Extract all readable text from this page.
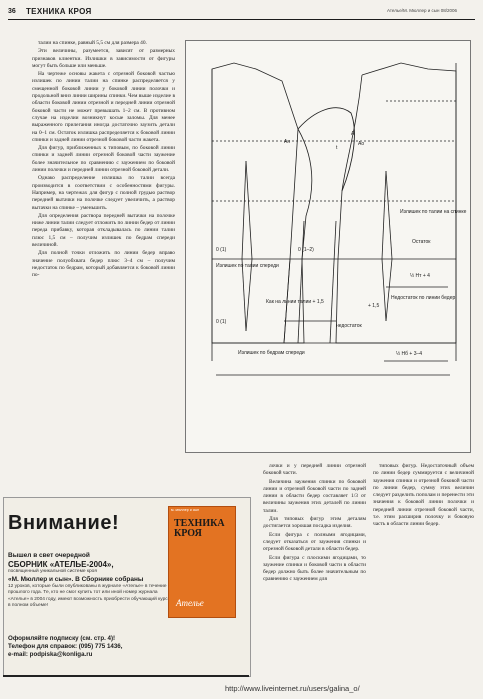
36 ТЕХНИКА КРОЯ	Ателье/М. Мюллер и сын 08/2006

талии на спинке, равный 5,5 см для размера 40.

Эти величины, разумеется, зависят от размерных признаков клиентки. Излишки в зависимости от фигуры могут быть больше или меньше.

На чертеже основы жакета с отрезной боковой частью излишек по линии талии на спинке распределяется у смещенной боковой линии у боковой линии полочки и продольной вниз линии ширины спинки. Чем выше изделие в области боковой линии отрезной и передней линии отрезной боковой части не может превышать 1–2 см. В противном случае на изделии возникнут косые заломы. Для менее выраженного прилегания иногда достаточно заузить детали на 0–1 см. Остаток излишка распределяется к боковой линии спинки и задней линии отрезной боковой части жакета.

Для фигур, приближенных к типовым, по боковой линии спинки и задней линии отрезной боковой части заужение более значительное по сравнению с заужением по боковой линии полочки и передней линии отрезной боковой детали.

Однако распределение излишка по талии всегда производится в соответствии с особенностями фигуры. Например, на чертежах для фигур с полной грудью раствор передней вытачки на полочке следует увеличить, а раствор вытачки на спинке – уменьшить.

Для определения раствора передней вытачки на полочке ниже линии талии следует отложить по линии бедер от линии переда прибавку, которая откладывалась по линии талии плюс 1,5 см – получим излишек по бедрам спереди величиной.

Для полной точки отложить по линии бедер вправо значение полуобхвата бедер плюс 3–4 см – получим недостаток по бедрам, который добавляется к боковой линии по-

Ан
А
t
Ао
Излишек по талии на спинке
Остаток
½ Нт + 4
0 (1)	0 (1–2)
Излишек по талии спереди
Как на линии талии + 1,5
+ 1,5
Недостаток по линии бедер
недостаток
0 (1)
Излишек по бедрам спереди	½ Нб + 3–4

лочки и у передней линии отрезной боковой части.

Величина заужения спинки по боковой линии и отрезной боковой части по задней линии в области бедер составляет 1/3 от величины заужения этих деталей по линии талии.

Для типовых фигур этим деталям достигается хорошая посадка изделия.

Если фигура с полными ягодицами, следует отказаться от заужения спинки и отрезной боковой детали в области бедер.

Если фигура с плоскими ягодицами, то заужение спинки и боковой части в области бедер должно быть более значительным по сравнению с заужением для

типовых фигур. Недостаточный объем по линии бедер суммируется с величиной заужения спинки и отрезной боковой части по линии бедер, сумму этих величин следует разделить пополам и перенести эти значения к боковой линии полочки и передней линии отрезной боковой части, т.е. этим расширив полочку и боковую часть в области линии бедер.

Внимание!
Вышел в свет очередной
СБОРНИК «АТЕЛЬЕ-2004»,
посвященный уникальной системе кроя
«М. Мюллер и сын». В Сборнике собраны
12 уроков, которые были опубликованы в журнале «Ателье» в течение прошлого года. Те, кто не смог купить тот или иной номер журнала «Ателье» в 2004 году, имеют возможность приобрести обучающий курс в полном объеме!
м. мюллер и сын
ТЕХНИКА КРОЯ
Ателье
Оформляйте подписку (см. стр. 4)!
Телефон для справок: (095) 775 1436,
e-mail: podpiska@konliga.ru
http://www.liveinternet.ru/users/galina_o/
